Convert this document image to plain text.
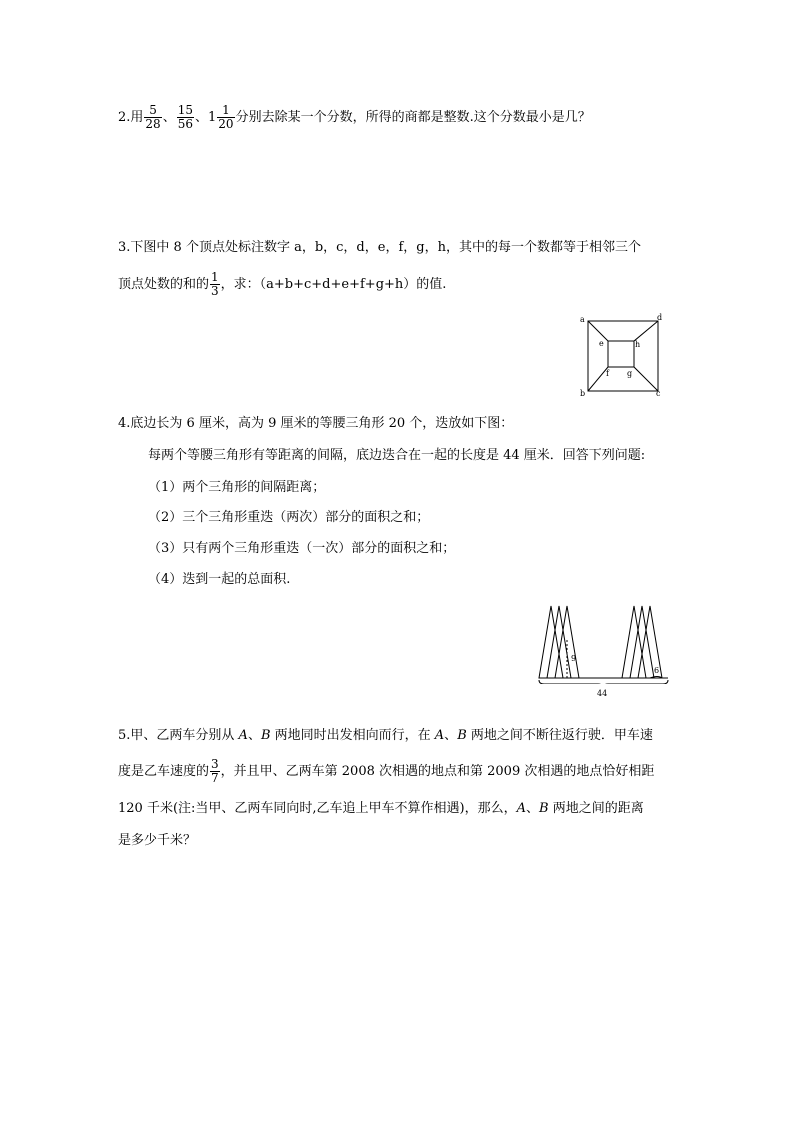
2.用 $\frac{5}{28}$ 、 $\frac{15}{56}$ 、$1 \frac{1}{20}$ 分别去除某一个分数，所得的商都是整数.这个分数最小是几？
3.下图中 8 个顶点处标注数字 a，b，c，d，e，f，g，h，其中的每一个数都等于相邻三个
顶点处数的和的 $\frac{1}{3}$ ，求：（a+b+c+d+e+f+g+h）的值.
a	d
e	h
f g
b	c
4.底边长为 6 厘米，高为 9 厘米的等腰三角形 20 个，迭放如下图：
每两个等腰三角形有等距离的间隔，底边迭合在一起的长度是 44 厘米．回答下列问题:
（1）两个三角形的间隔距离；
（2）三个三角形重迭（两次）部分的面积之和；
（3）只有两个三角形重迭（一次）部分的面积之和；
（4）迭到一起的总面积.
9
6
44
5.甲、乙两车分别从 A、B 两地同时出发相向而行，在 A、B 两地之间不断往返行驶．甲车速
度是乙车速度的 $\frac{3}{7}$ ，并且甲、乙两车第 2008 次相遇的地点和第 2009 次相遇的地点恰好相距
120 千米(注:当甲、乙两车同向时,乙车追上甲车不算作相遇)，那么，A、B 两地之间的距离
是多少千米？
